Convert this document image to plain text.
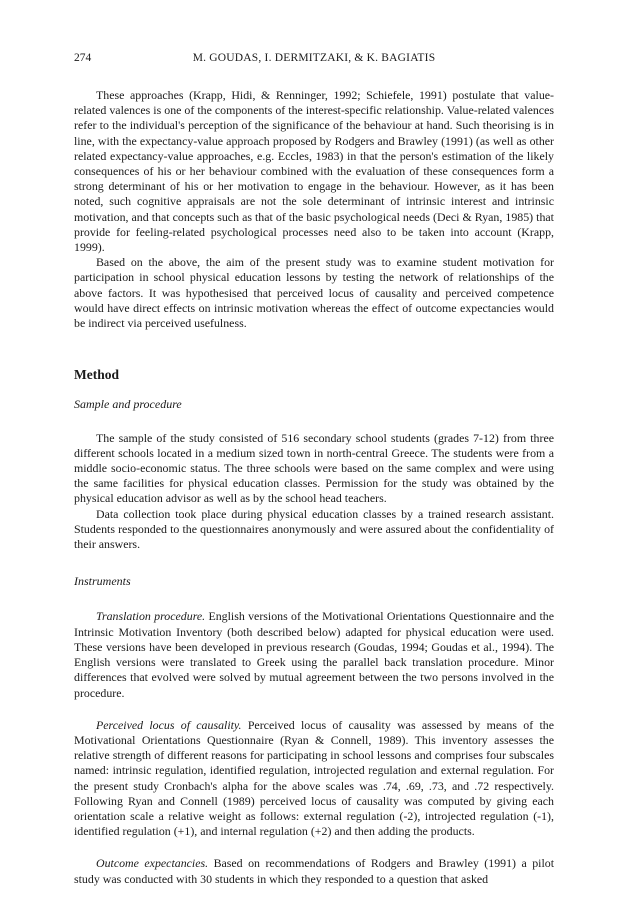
274	M. GOUDAS, I. DERMITZAKI, & K. BAGIATIS

These approaches (Krapp, Hidi, & Renninger, 1992; Schiefele, 1991) postulate that value-related valences is one of the components of the interest-specific relationship. Value-related valences refer to the individual's perception of the significance of the behaviour at hand. Such theorising is in line, with the expectancy-value approach proposed by Rodgers and Brawley (1991) (as well as other related expectancy-value approaches, e.g. Eccles, 1983) in that the person's estimation of the likely consequences of his or her behaviour combined with the evaluation of these consequences form a strong determinant of his or her motivation to engage in the behaviour. However, as it has been noted, such cognitive appraisals are not the sole determinant of intrinsic interest and intrinsic motivation, and that concepts such as that of the basic psychological needs (Deci & Ryan, 1985) that provide for feeling-related psychological processes need also to be taken into account (Krapp, 1999).

Based on the above, the aim of the present study was to examine student motivation for participation in school physical education lessons by testing the network of relationships of the above factors. It was hypothesised that perceived locus of causality and perceived competence would have direct effects on intrinsic motivation whereas the effect of outcome expectancies would be indirect via perceived usefulness.

Method
Sample and procedure

The sample of the study consisted of 516 secondary school students (grades 7-12) from three different schools located in a medium sized town in north-central Greece. The students were from a middle socio-economic status. The three schools were based on the same complex and were using the same facilities for physical education classes. Permission for the study was obtained by the physical education advisor as well as by the school head teachers.

Data collection took place during physical education classes by a trained research assistant. Students responded to the questionnaires anonymously and were assured about the confidentiality of their answers.

Instruments

Translation procedure. English versions of the Motivational Orientations Questionnaire and the Intrinsic Motivation Inventory (both described below) adapted for physical education were used. These versions have been developed in previous research (Goudas, 1994; Goudas et al., 1994). The English versions were translated to Greek using the parallel back translation procedure. Minor differences that evolved were solved by mutual agreement between the two persons involved in the procedure.

Perceived locus of causality. Perceived locus of causality was assessed by means of the Motivational Orientations Questionnaire (Ryan & Connell, 1989). This inventory assesses the relative strength of different reasons for participating in school lessons and comprises four subscales named: intrinsic regulation, identified regulation, introjected regulation and external regulation. For the present study Cronbach's alpha for the above scales was .74, .69, .73, and .72 respectively. Following Ryan and Connell (1989) perceived locus of causality was computed by giving each orientation scale a relative weight as follows: external regulation (-2), introjected regulation (-1), identified regulation (+1), and internal regulation (+2) and then adding the products.

Outcome expectancies. Based on recommendations of Rodgers and Brawley (1991) a pilot study was conducted with 30 students in which they responded to a question that asked
